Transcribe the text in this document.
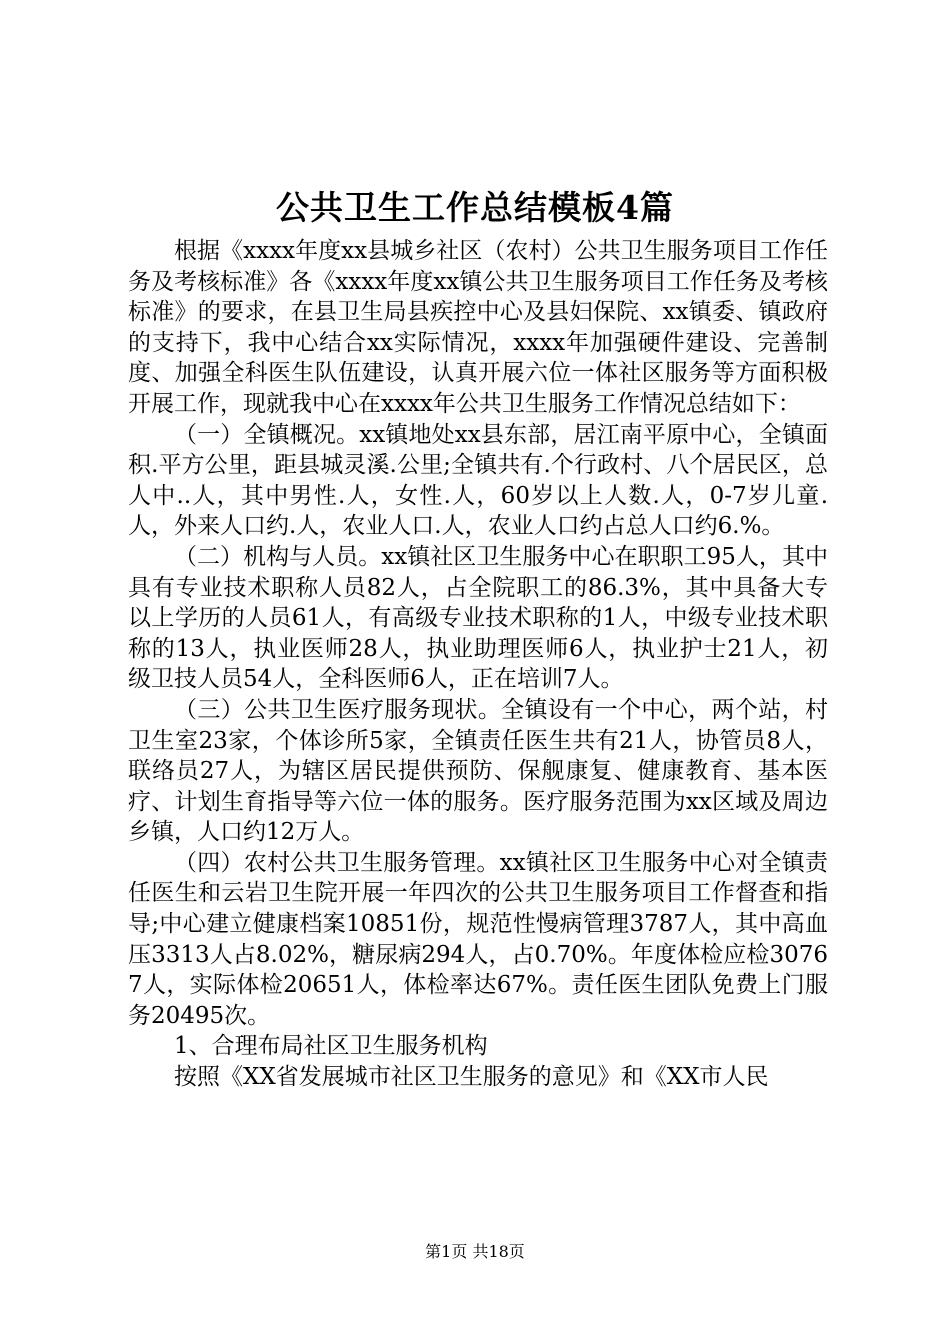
公共卫生工作总结模板4篇

根据《xxxx年度xx县城乡社区（农村）公共卫生服务项目工作任务及考核标准》各《xxxx年度xx镇公共卫生服务项目工作任务及考核标准》的要求，在县卫生局县疾控中心及县妇保院、xx镇委、镇政府的支持下，我中心结合xx实际情况，xxxx年加强硬件建设、完善制度、加强全科医生队伍建设，认真开展六位一体社区服务等方面积极开展工作，现就我中心在xxxx年公共卫生服务工作情况总结如下：

（一）全镇概况。xx镇地处xx县东部，居江南平原中心，全镇面积.平方公里，距县城灵溪.公里;全镇共有.个行政村、八个居民区，总人中..人，其中男性.人，女性.人，60岁以上人数.人，0-7岁儿童.人，外来人口约.人，农业人口.人，农业人口约占总人口约6.%。

（二）机构与人员。xx镇社区卫生服务中心在职职工95人，其中具有专业技术职称人员82人，占全院职工的86.3%，其中具备大专以上学历的人员61人，有高级专业技术职称的1人，中级专业技术职称的13人，执业医师28人，执业助理医师6人，执业护士21人，初级卫技人员54人，全科医师6人，正在培训7人。

（三）公共卫生医疗服务现状。全镇设有一个中心，两个站，村卫生室23家，个体诊所5家，全镇责任医生共有21人，协管员8人，联络员27人，为辖区居民提供预防、保舰康复、健康教育、基本医疗、计划生育指导等六位一体的服务。医疗服务范围为xx区域及周边乡镇，人口约12万人。

（四）农村公共卫生服务管理。xx镇社区卫生服务中心对全镇责任医生和云岩卫生院开展一年四次的公共卫生服务项目工作督查和指导;中心建立健康档案10851份，规范性慢病管理3787人，其中高血压3313人占8.02%，糖尿病294人，占0.70%。年度体检应检30767人，实际体检20651人，体检率达67%。责任医生团队免费上门服务20495次。

1、合理布局社区卫生服务机构

按照《XX省发展城市社区卫生服务的意见》和《XX市人民

第1页 共18页
